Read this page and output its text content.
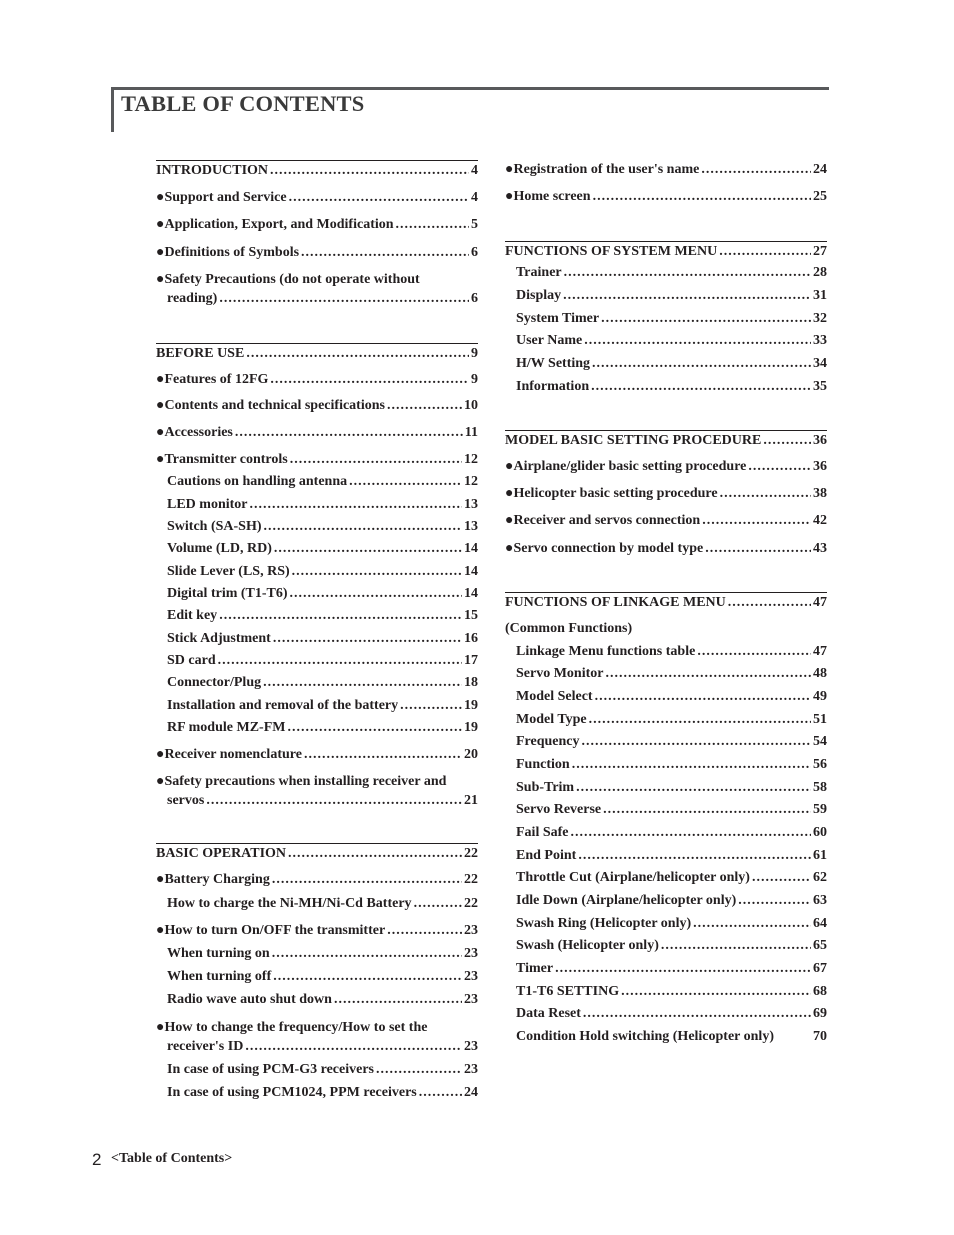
TABLE OF CONTENTS
INTRODUCTION .....	4
●Support and Service .....	4
●Application, Export, and Modification .....	5
●Definitions of Symbols .....	6
●Safety Precautions (do not operate without
reading) .....	6
BEFORE USE .....	9
●Features of 12FG .....	9
●Contents and technical specifications .....	10
●Accessories .....	11
●Transmitter controls .....	12
Cautions on handling antenna .....	12
LED monitor .....	13
Switch (SA-SH) .....	13
Volume (LD, RD) .....	14
Slide Lever (LS, RS) .....	14
Digital trim (T1-T6) .....	14
Edit key .....	15
Stick Adjustment .....	16
SD card .....	17
Connector/Plug .....	18
Installation and removal of the battery .....	19
RF module MZ-FM .....	19
●Receiver nomenclature .....	20
●Safety precautions when installing receiver and
servos .....	21
BASIC OPERATION .....	22
●Battery Charging .....	22
How to charge the Ni-MH/Ni-Cd Battery .....	22
●How to turn On/OFF the transmitter .....	23
When turning on .....	23
When turning off .....	23
Radio wave auto shut down .....	23
●How to change the frequency/How to set the
receiver's ID .....	23
In case of using PCM-G3 receivers .....	23
In case of using PCM1024, PPM receivers .....	24
●Registration of the user's name .....	24
●Home screen .....	25
FUNCTIONS OF SYSTEM MENU .....	27
Trainer .....	28
Display .....	31
System Timer .....	32
User Name .....	33
H/W Setting .....	34
Information .....	35
MODEL BASIC SETTING PROCEDURE .....	36
●Airplane/glider basic setting procedure .....	36
●Helicopter basic setting procedure .....	38
●Receiver and servos connection .....	42
●Servo connection by model type .....	43
FUNCTIONS OF LINKAGE MENU .....	47
(Common Functions)
Linkage Menu functions table .....	47
Servo Monitor .....	48
Model Select .....	49
Model Type .....	51
Frequency .....	54
Function .....	56
Sub-Trim .....	58
Servo Reverse .....	59
Fail Safe .....	60
End Point .....	61
Throttle Cut (Airplane/helicopter only) .....	62
Idle Down (Airplane/helicopter only) .....	63
Swash Ring (Helicopter only) .....	64
Swash (Helicopter only) .....	65
Timer .....	67
T1-T6 SETTING .....	68
Data Reset .....	69
Condition Hold switching (Helicopter only)	70
2 <Table of Contents>
